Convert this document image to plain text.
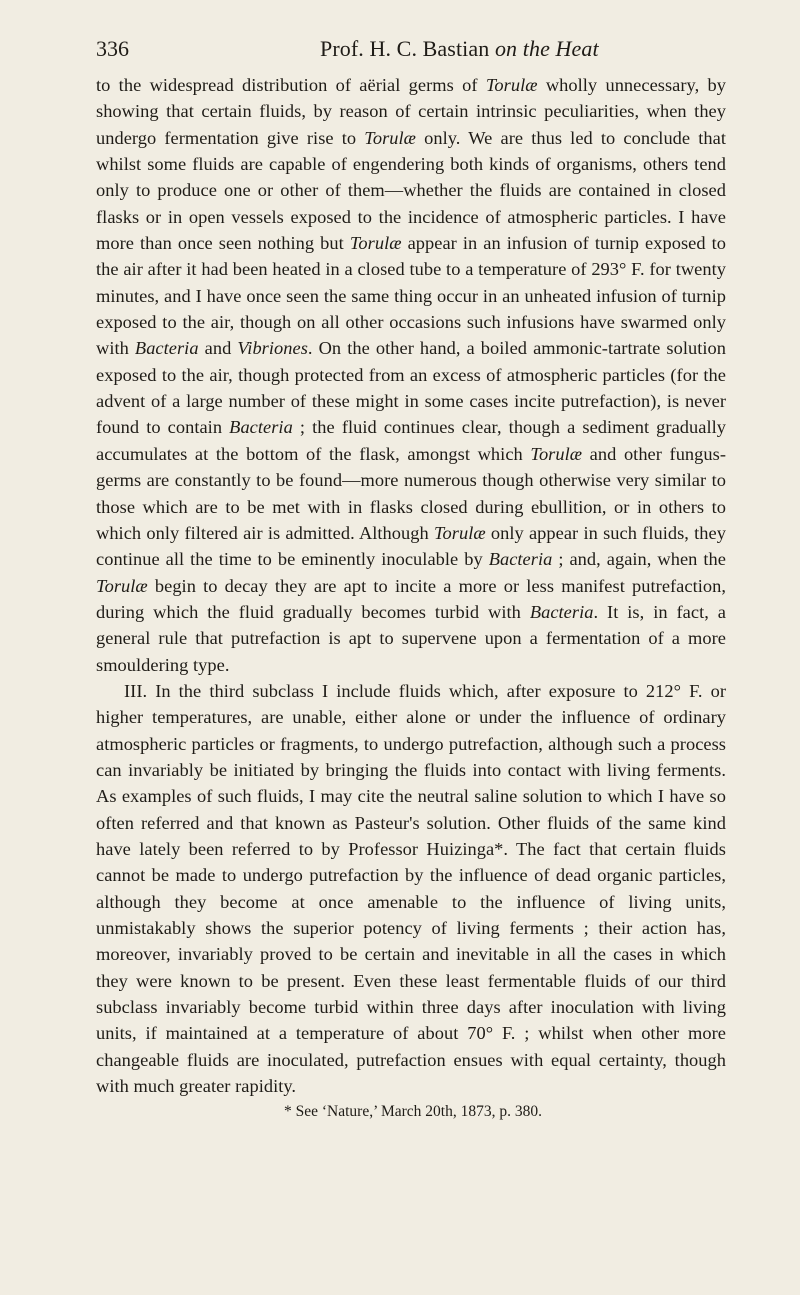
336	Prof. H. C. Bastian on the Heat

to the widespread distribution of aërial germs of Torulæ wholly unnecessary, by showing that certain fluids, by reason of certain intrinsic peculiarities, when they undergo fermentation give rise to Torulæ only. We are thus led to conclude that whilst some fluids are capable of engendering both kinds of organisms, others tend only to produce one or other of them—whether the fluids are contained in closed flasks or in open vessels exposed to the incidence of atmospheric particles. I have more than once seen nothing but Torulæ appear in an infusion of turnip exposed to the air after it had been heated in a closed tube to a temperature of 293° F. for twenty minutes, and I have once seen the same thing occur in an unheated infusion of turnip exposed to the air, though on all other occasions such infusions have swarmed only with Bacteria and Vibriones. On the other hand, a boiled ammonic-tartrate solution exposed to the air, though protected from an excess of atmospheric particles (for the advent of a large number of these might in some cases incite putrefaction), is never found to contain Bacteria ; the fluid continues clear, though a sediment gradually accumulates at the bottom of the flask, amongst which Torulæ and other fungus-germs are constantly to be found—more numerous though otherwise very similar to those which are to be met with in flasks closed during ebullition, or in others to which only filtered air is admitted. Although Torulæ only appear in such fluids, they continue all the time to be eminently inoculable by Bacteria ; and, again, when the Torulæ begin to decay they are apt to incite a more or less manifest putrefaction, during which the fluid gradually becomes turbid with Bacteria. It is, in fact, a general rule that putrefaction is apt to supervene upon a fermentation of a more smouldering type.

III. In the third subclass I include fluids which, after exposure to 212° F. or higher temperatures, are unable, either alone or under the influence of ordinary atmospheric particles or fragments, to undergo putrefaction, although such a process can invariably be initiated by bringing the fluids into contact with living ferments. As examples of such fluids, I may cite the neutral saline solution to which I have so often referred and that known as Pasteur's solution. Other fluids of the same kind have lately been referred to by Professor Huizinga*. The fact that certain fluids cannot be made to undergo putrefaction by the influence of dead organic particles, although they become at once amenable to the influence of living units, unmistakably shows the superior potency of living ferments ; their action has, moreover, invariably proved to be certain and inevitable in all the cases in which they were known to be present. Even these least fermentable fluids of our third subclass invariably become turbid within three days after inoculation with living units, if maintained at a temperature of about 70° F. ; whilst when other more changeable fluids are inoculated, putrefaction ensues with equal certainty, though with much greater rapidity.

* See ‘Nature,’ March 20th, 1873, p. 380.
